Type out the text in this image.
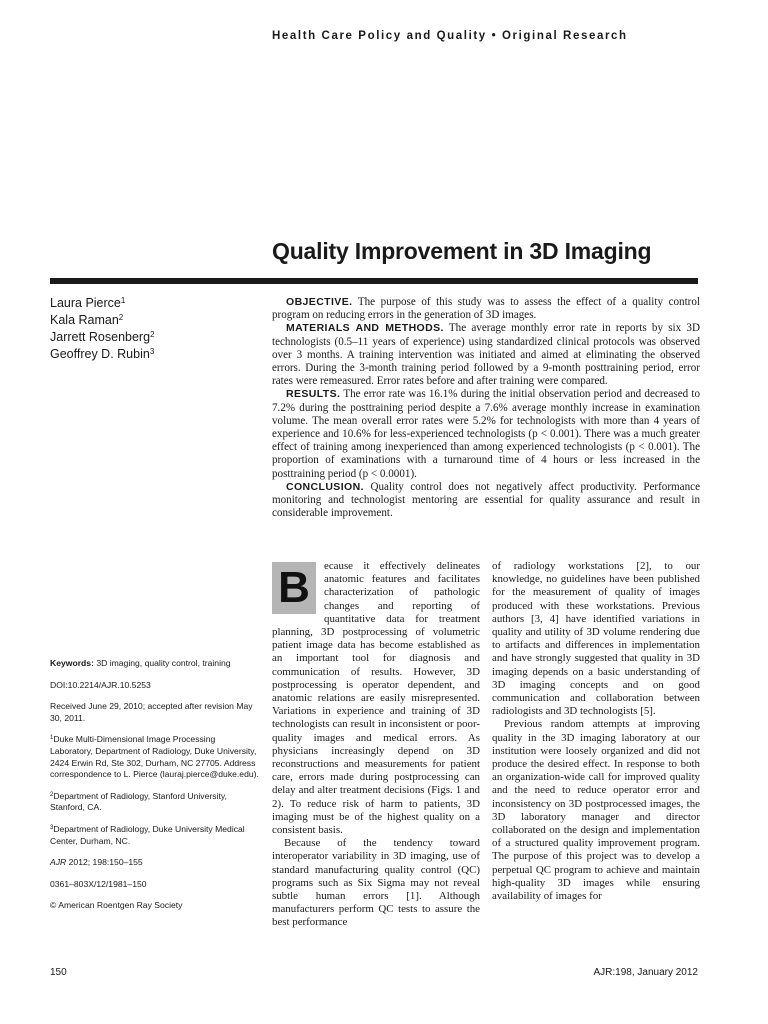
Health Care Policy and Quality • Original Research
Quality Improvement in 3D Imaging
Laura Pierce$^1$
Kala Raman$^2$
Jarrett Rosenberg$^2$
Geoffrey D. Rubin$^3$

OBJECTIVE. The purpose of this study was to assess the effect of a quality control program on reducing errors in the generation of 3D images.

MATERIALS AND METHODS. The average monthly error rate in reports by six 3D technologists (0.5–11 years of experience) using standardized clinical protocols was observed over 3 months. A training intervention was initiated and aimed at eliminating the observed errors. During the 3-month training period followed by a 9-month posttraining period, error rates were remeasured. Error rates before and after training were compared.

RESULTS. The error rate was 16.1% during the initial observation period and decreased to 7.2% during the posttraining period despite a 7.6% average monthly increase in examination volume. The mean overall error rates were 5.2% for technologists with more than 4 years of experience and 10.6% for less-experienced technologists (p < 0.001). There was a much greater effect of training among inexperienced than among experienced technologists (p < 0.001). The proportion of examinations with a turnaround time of 4 hours or less increased in the posttraining period (p < 0.0001).

CONCLUSION. Quality control does not negatively affect productivity. Performance monitoring and technologist mentoring are essential for quality assurance and result in considerable improvement.

Keywords: 3D imaging, quality control, training

DOI:10.2214/AJR.10.5253

Received June 29, 2010; accepted after revision May 30, 2011.

$^1$Duke Multi-Dimensional Image Processing Laboratory, Department of Radiology, Duke University, 2424 Erwin Rd, Ste 302, Durham, NC 27705. Address correspondence to L. Pierce (lauraj.pierce@duke.edu).

$^2$Department of Radiology, Stanford University, Stanford, CA.

$^3$Department of Radiology, Duke University Medical Center, Durham, NC.

AJR 2012; 198:150–155

0361–803X/12/1981–150

© American Roentgen Ray Society

B	ecause it effectively delineates anatomic features and facilitates characterization of pathologic changes and reporting of quantitative data for treatment planning, 3D postprocessing of volumetric patient image data has become established as an important tool for diagnosis and communication of results. However, 3D postprocessing is operator dependent, and anatomic relations are easily misrepresented. Variations in experience and training of 3D technologists can result in inconsistent or poor-quality images and medical errors. As physicians increasingly depend on 3D reconstructions and measurements for patient care, errors made during postprocessing can delay and alter treatment decisions (Figs. 1 and 2). To reduce risk of harm to patients, 3D imaging must be of the highest quality on a consistent basis.

Because of the tendency toward interoperator variability in 3D imaging, use of standard manufacturing quality control (QC) programs such as Six Sigma may not reveal subtle human errors [1]. Although manufacturers perform QC tests to assure the best performance

of radiology workstations [2], to our knowledge, no guidelines have been published for the measurement of quality of images produced with these workstations. Previous authors [3, 4] have identified variations in quality and utility of 3D volume rendering due to artifacts and differences in implementation and have strongly suggested that quality in 3D imaging depends on a basic understanding of 3D imaging concepts and on good communication and collaboration between radiologists and 3D technologists [5].

Previous random attempts at improving quality in the 3D imaging laboratory at our institution were loosely organized and did not produce the desired effect. In response to both an organization-wide call for improved quality and the need to reduce operator error and inconsistency on 3D postprocessed images, the 3D laboratory manager and director collaborated on the design and implementation of a structured quality improvement program. The purpose of this project was to develop a perpetual QC program to achieve and maintain high-quality 3D images while ensuring availability of images for

150	AJR:198, January 2012
